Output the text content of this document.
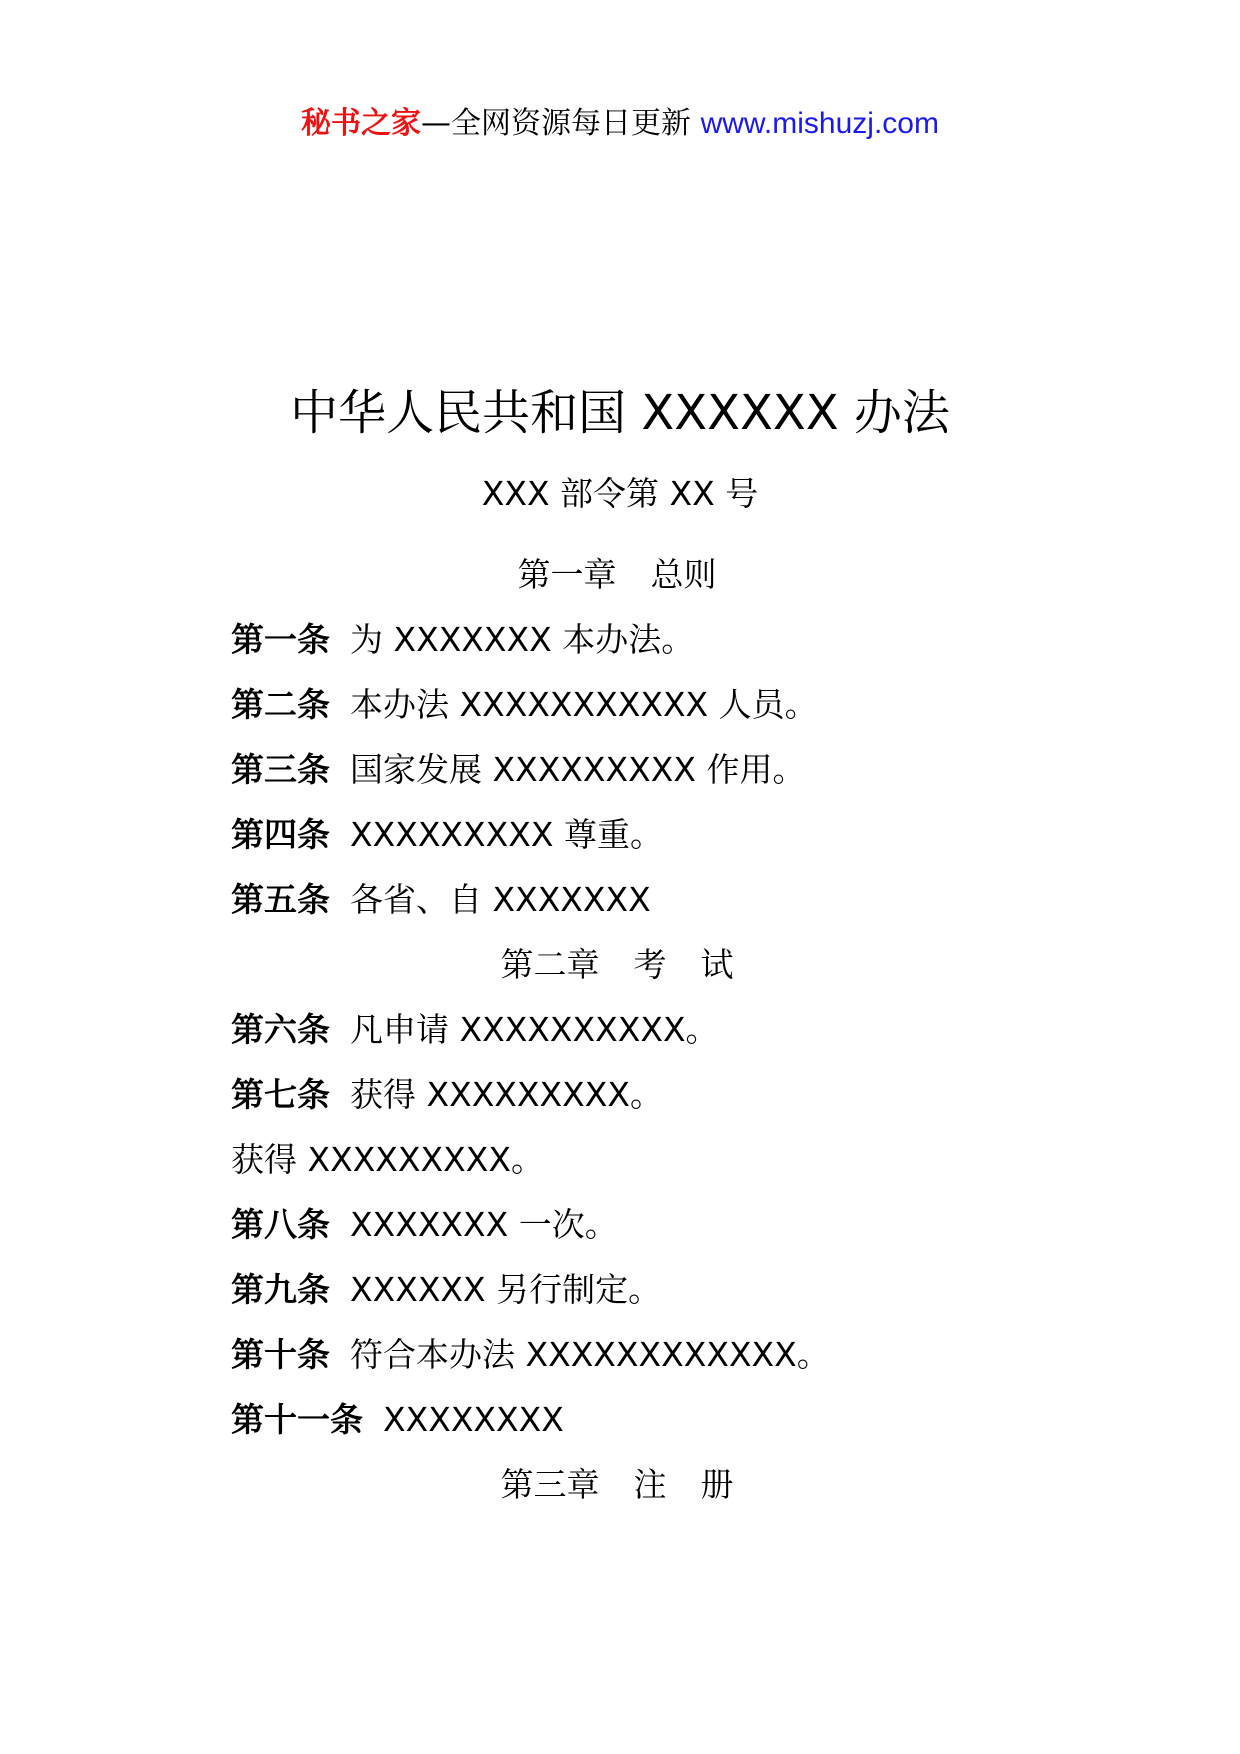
秘书之家—全网资源每日更新 www.mishuzj.com
中华人民共和国 XXXXXX 办法
XXX 部令第 XX 号
第一章 总则
第一条 为 XXXXXXX 本办法。
第二条 本办法 XXXXXXXXXXX 人员。
第三条 国家发展 XXXXXXXXX 作用。
第四条 XXXXXXXXX 尊重。
第五条 各省、自 XXXXXXX
第二章 考 试
第六条 凡申请 XXXXXXXXXX。
第七条 获得 XXXXXXXXX。
获得 XXXXXXXXX。
第八条 XXXXXXX 一次。
第九条 XXXXXX 另行制定。
第十条 符合本办法 XXXXXXXXXXXX。
第十一条 XXXXXXXX
第三章 注 册
